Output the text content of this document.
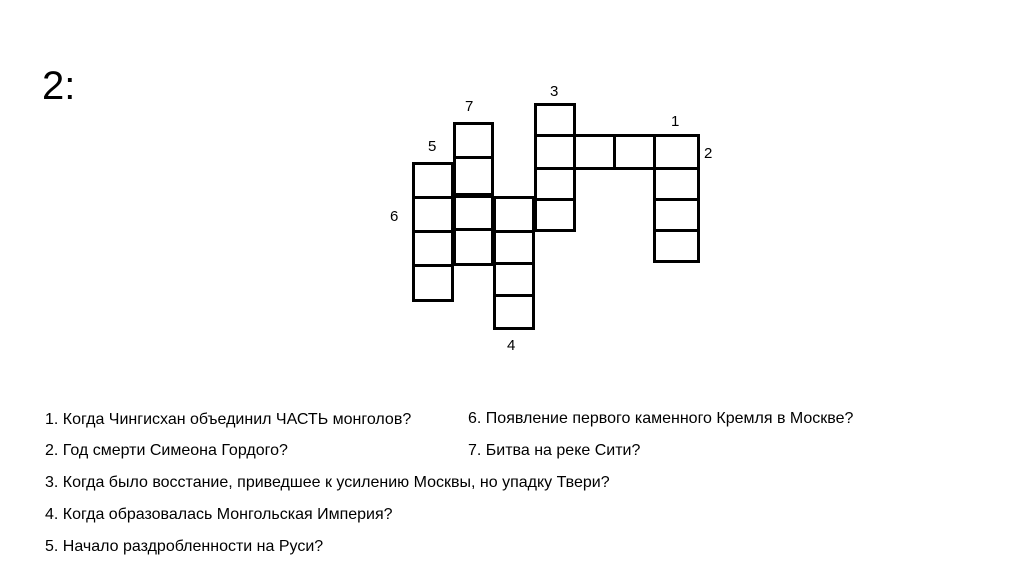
2:
1
2
3
4
5
6
7
1. Когда Чингисхан объединил ЧАСТЬ монголов?
2. Год смерти Симеона Гордого?
3. Когда было восстание, приведшее к усилению Москвы, но упадку Твери?
4. Когда образовалась Монгольская Империя?
5. Начало раздробленности на Руси?
6. Появление первого каменного Кремля в Москве?
7. Битва на реке Сити?
